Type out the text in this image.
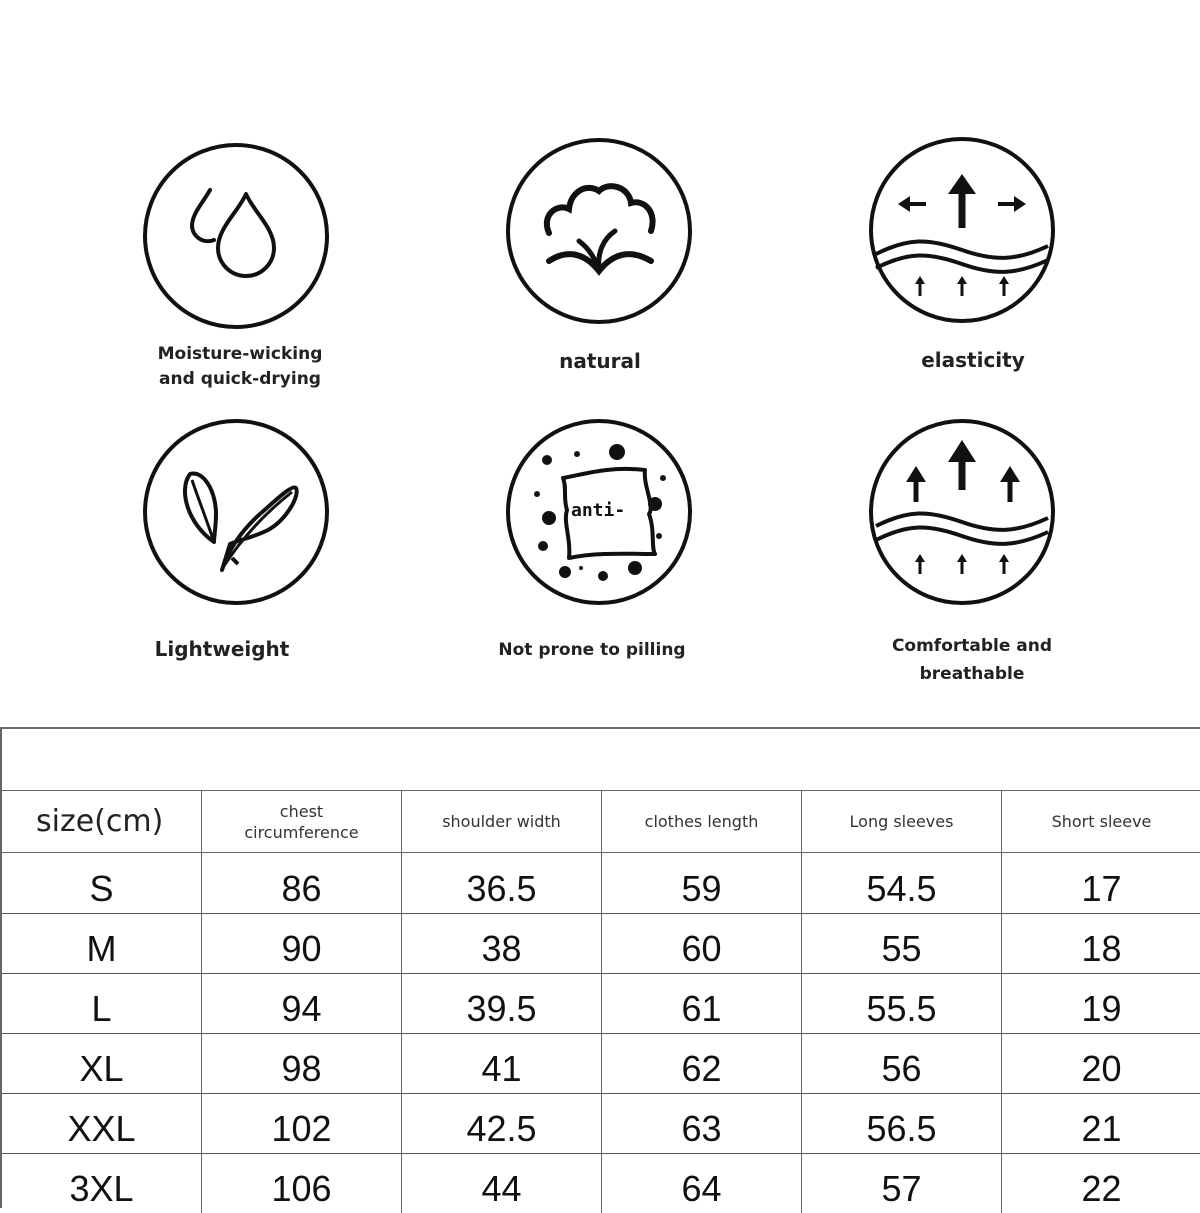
Moisture-wicking
and quick-drying
natural	elasticity
Lightweight
anti-
Not prone to pilling	Comfortable and
breathable
size(cm)	chest
circumference
shoulder width	clothes length	Long sleeves	Short sleeve
S	86	36.5	59	54.5	17
M	90	38	60	55	18
L	94	39.5	61	55.5	19
XL	98	41	62	56	20
XXL	102	42.5	63	56.5	21
3XL	106	44	64	57	22
